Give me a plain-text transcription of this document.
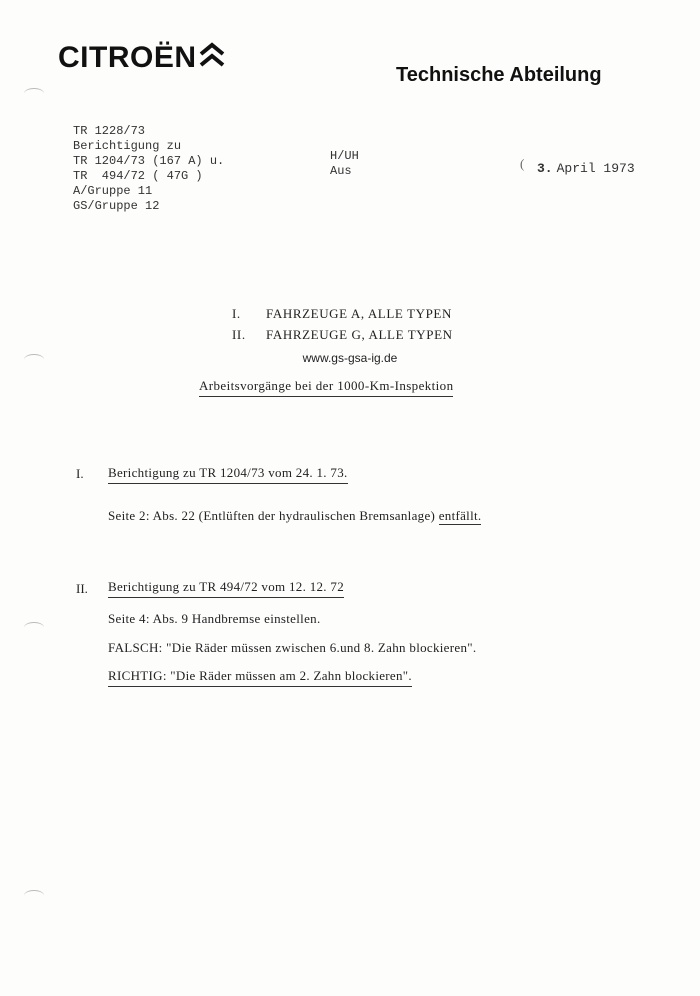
CITROËN
Technische Abteilung
TR 1228/73
Berichtigung zu
TR 1204/73 (167 A) u.
TR  494/72 ( 47G )
A/Gruppe 11
GS/Gruppe 12
H/UH
Aus	( 3. April 1973
I. FAHRZEUGE A, ALLE TYPEN
II. FAHRZEUGE G, ALLE TYPEN
www.gs-gsa-ig.de
Arbeitsvorgänge bei der 1000-Km-Inspektion
I. Berichtigung zu TR 1204/73 vom 24. 1. 73.
Seite 2: Abs. 22 (Entlüften der hydraulischen Bremsanlage) entfällt.
II. Berichtigung zu TR 494/72 vom 12. 12. 72
Seite 4: Abs. 9 Handbremse einstellen.
FALSCH: "Die Räder müssen zwischen 6.und 8. Zahn blockieren".
RICHTIG: "Die Räder müssen am 2. Zahn blockieren".
